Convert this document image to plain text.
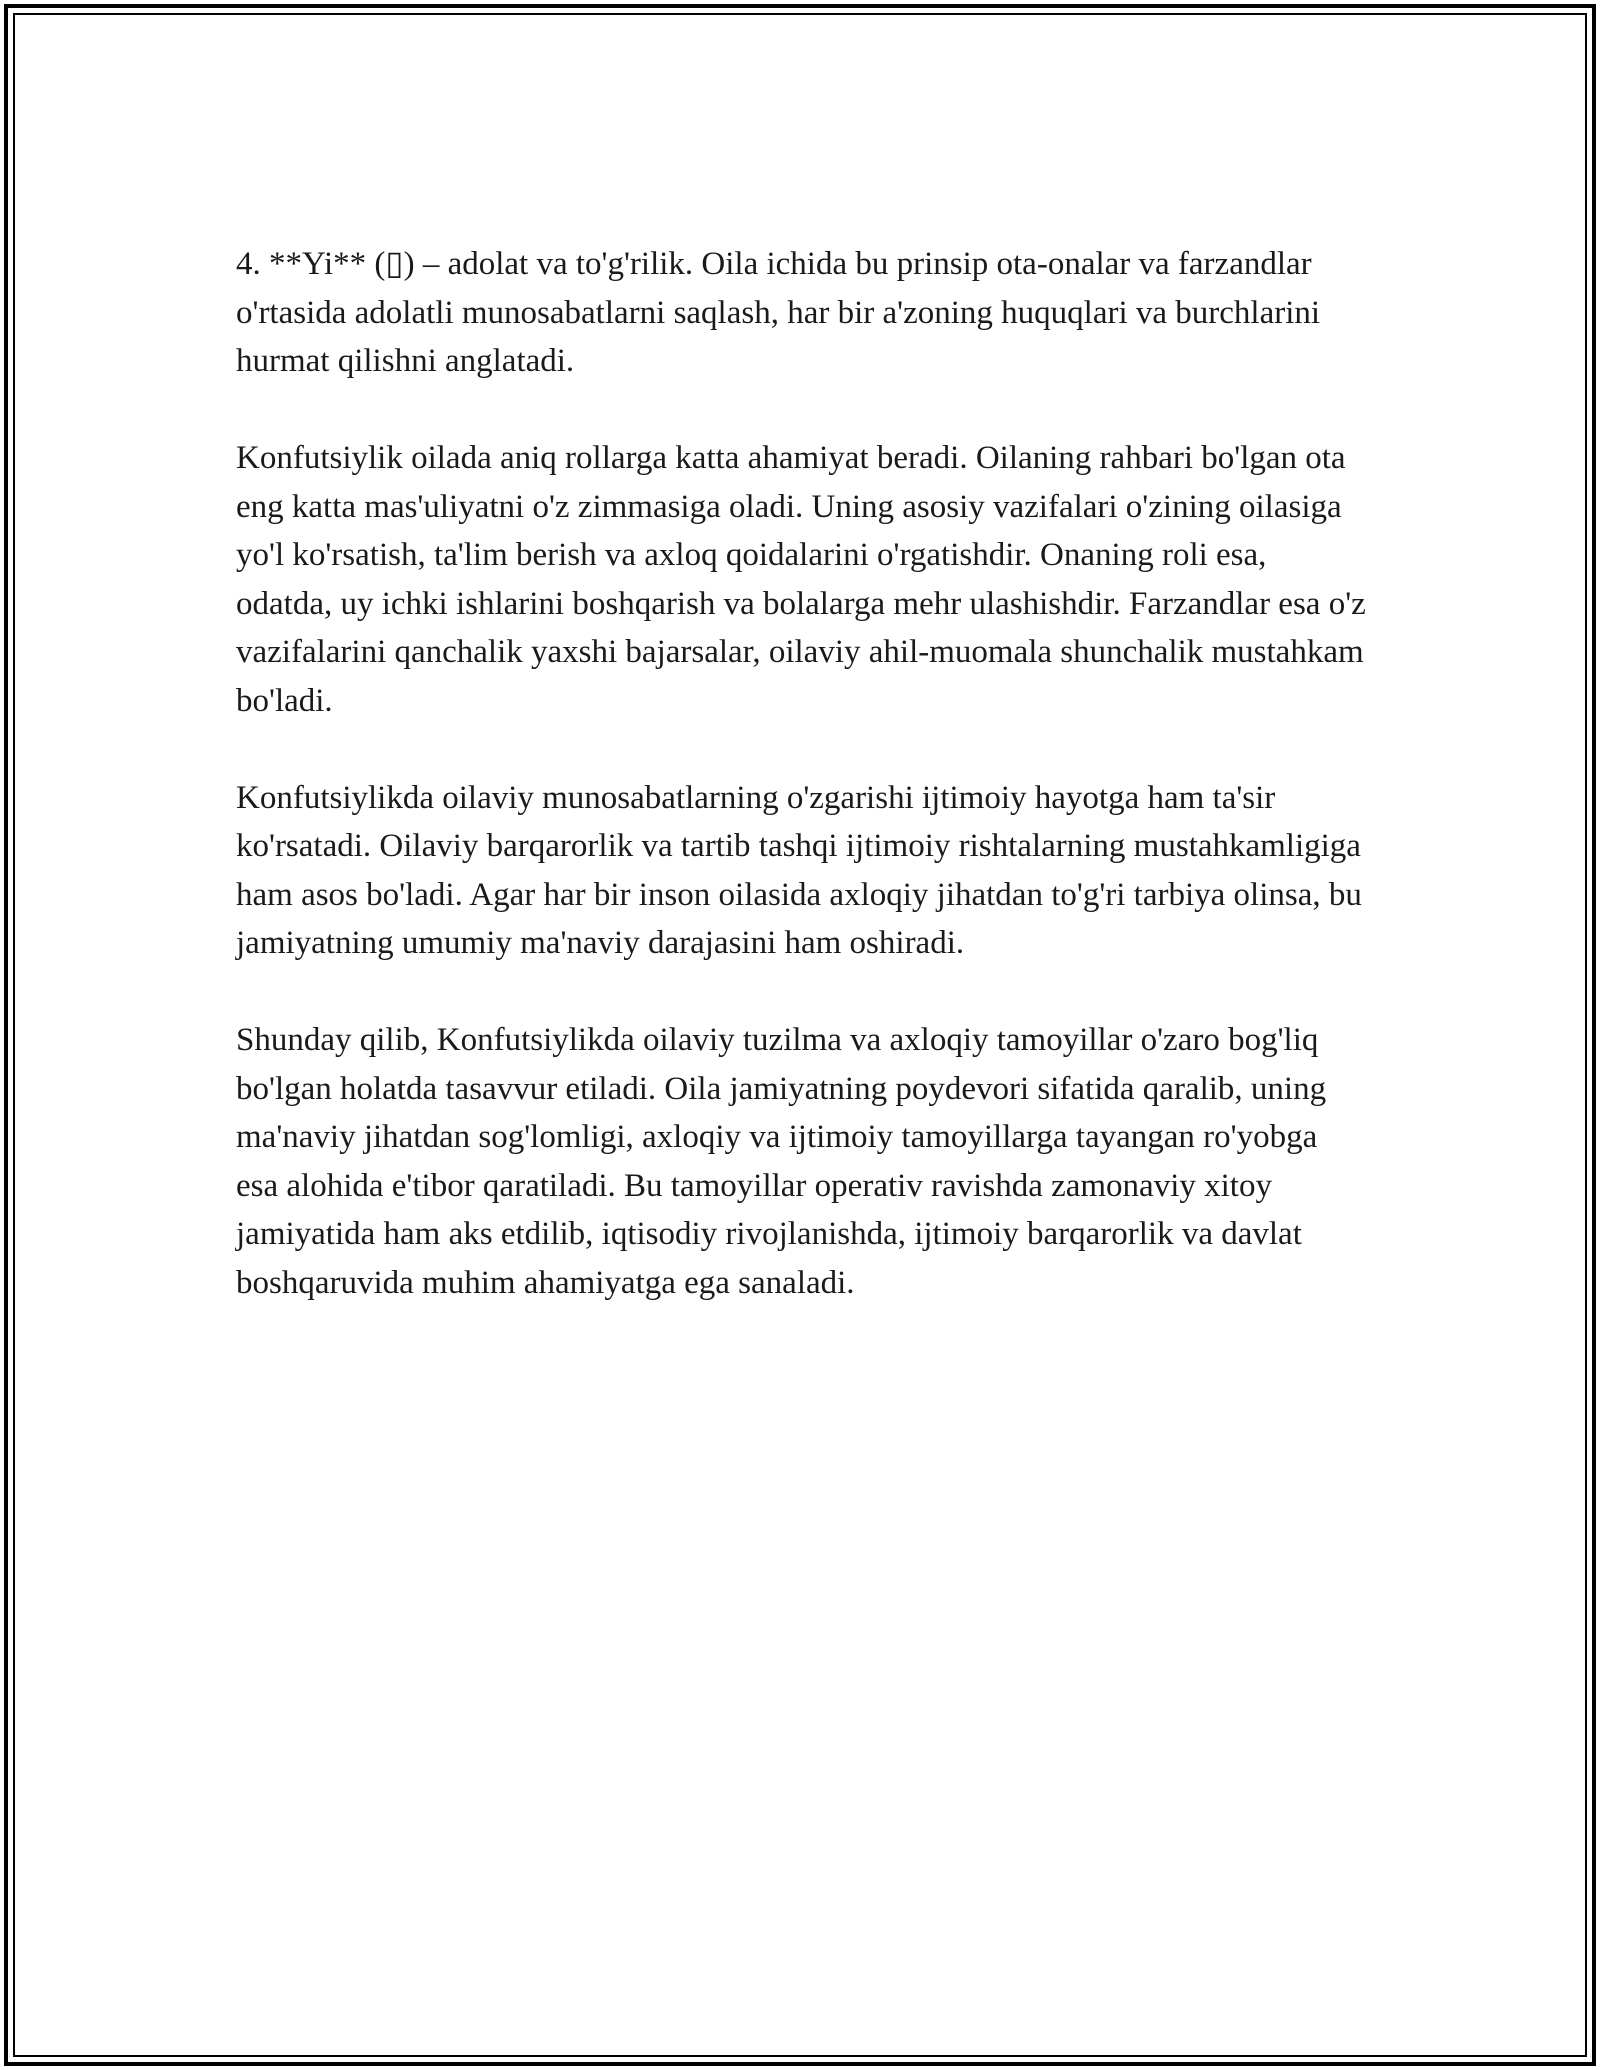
4. **Yi** (▯) – adolat va to'g'rilik. Oila ichida bu prinsip ota-onalar va farzandlar o'rtasida adolatli munosabatlarni saqlash, har bir a'zoning huquqlari va burchlarini hurmat qilishni anglatadi.

Konfutsiylik oilada aniq rollarga katta ahamiyat beradi. Oilaning rahbari bo'lgan ota eng katta mas'uliyatni o'z zimmasiga oladi. Uning asosiy vazifalari o'zining oilasiga yo'l ko'rsatish, ta'lim berish va axloq qoidalarini o'rgatishdir. Onaning roli esa, odatda, uy ichki ishlarini boshqarish va bolalarga mehr ulashishdir. Farzandlar esa o'z vazifalarini qanchalik yaxshi bajarsalar, oilaviy ahil-muomala shunchalik mustahkam bo'ladi.

Konfutsiylikda oilaviy munosabatlarning o'zgarishi ijtimoiy hayotga ham ta'sir ko'rsatadi. Oilaviy barqarorlik va tartib tashqi ijtimoiy rishtalarning mustahkamligiga ham asos bo'ladi. Agar har bir inson oilasida axloqiy jihatdan to'g'ri tarbiya olinsa, bu jamiyatning umumiy ma'naviy darajasini ham oshiradi.

Shunday qilib, Konfutsiylikda oilaviy tuzilma va axloqiy tamoyillar o'zaro bog'liq bo'lgan holatda tasavvur etiladi. Oila jamiyatning poydevori sifatida qaralib, uning ma'naviy jihatdan sog'lomligi, axloqiy va ijtimoiy tamoyillarga tayangan ro'yobga esa alohida e'tibor qaratiladi. Bu tamoyillar operativ ravishda zamonaviy xitoy jamiyatida ham aks etdilib, iqtisodiy rivojlanishda, ijtimoiy barqarorlik va davlat boshqaruvida muhim ahamiyatga ega sanaladi.
